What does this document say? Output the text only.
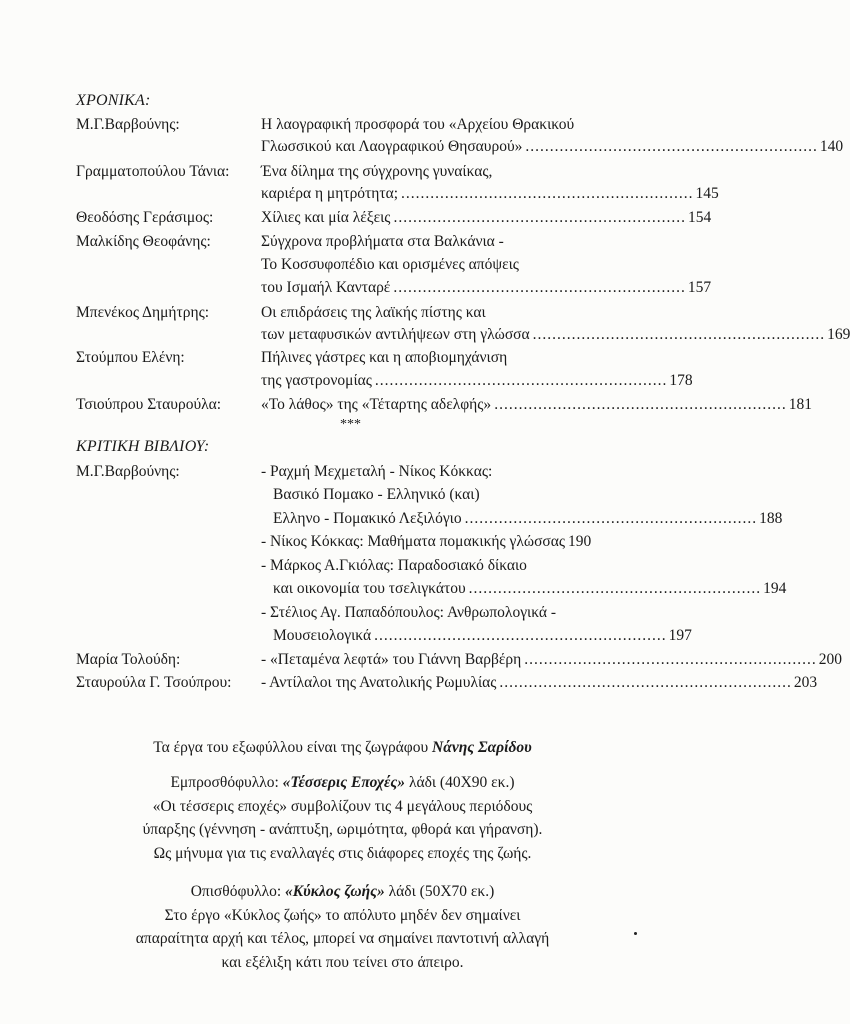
ΧΡΟΝΙΚΑ:
Μ.Γ.Βαρβούνης:	Η λαογραφική προσφορά του «Αρχείου Θρακικού
Γλωσσικού και Λαογραφικού Θησαυρού» ............................................................ 140
Γραμματοπούλου Τάνια: Ένα δίλημα της σύγχρονης γυναίκας,
καριέρα η μητρότητα; ............................................................ 145
Θεοδόσης Γεράσιμος:	Χίλιες και μία λέξεις ............................................................ 154
Μαλκίδης Θεοφάνης:	Σύγχρονα προβλήματα στα Βαλκάνια -
Το Κοσσυφοπέδιο και ορισμένες απόψεις
του Ισμαήλ Κανταρέ ............................................................ 157
Μπενέκος Δημήτρης:	Οι επιδράσεις της λαϊκής πίστης και
των μεταφυσικών αντιλήψεων στη γλώσσα ............................................................ 169
Στούμπου Ελένη:	Πήλινες γάστρες και η αποβιομηχάνιση
της γαστρονομίας ............................................................ 178
Τσιούπρου Σταυρούλα:	«Το λάθος» της «Τέταρτης αδελφής» ............................................................ 181
***
ΚΡΙΤΙΚΗ ΒΙΒΛΙΟΥ:
Μ.Γ.Βαρβούνης:	- Ραχμή Μεχμεταλή - Νίκος Κόκκας:
Βασικό Πομακο - Ελληνικό (και)
Ελληνο - Πομακικό Λεξιλόγιο ............................................................ 188
- Νίκος Κόκκας: Μαθήματα πομακικής γλώσσας 190
- Μάρκος Α.Γκιόλας: Παραδοσιακό δίκαιο
και οικονομία του τσελιγκάτου ............................................................ 194
- Στέλιος Αγ. Παπαδόπουλος: Ανθρωπολογικά -
Μουσειολογικά ............................................................ 197
Μαρία Τολούδη:	- «Πεταμένα λεφτά» του Γιάννη Βαρβέρη ............................................................ 200
Σταυρούλα Γ. Τσούπρου: - Αντίλαλοι της Ανατολικής Ρωμυλίας ............................................................ 203
Τα έργα του εξωφύλλου είναι της ζωγράφου Νάνης Σαρίδου
Εμπροσθόφυλλο: «Τέσσερις Εποχές» λάδι (40Χ90 εκ.)
«Οι τέσσερις εποχές» συμβολίζουν τις 4 μεγάλους περιόδους
ύπαρξης (γέννηση - ανάπτυξη, ωριμότητα, φθορά και γήρανση).
Ως μήνυμα για τις εναλλαγές στις διάφορες εποχές της ζωής.
Οπισθόφυλλο: «Κύκλος ζωής» λάδι (50Χ70 εκ.)
Στο έργο «Κύκλος ζωής» το απόλυτο μηδέν δεν σημαίνει
απαραίτητα αρχή και τέλος, μπορεί να σημαίνει παντοτινή αλλαγή
και εξέλιξη κάτι που τείνει στο άπειρο.
